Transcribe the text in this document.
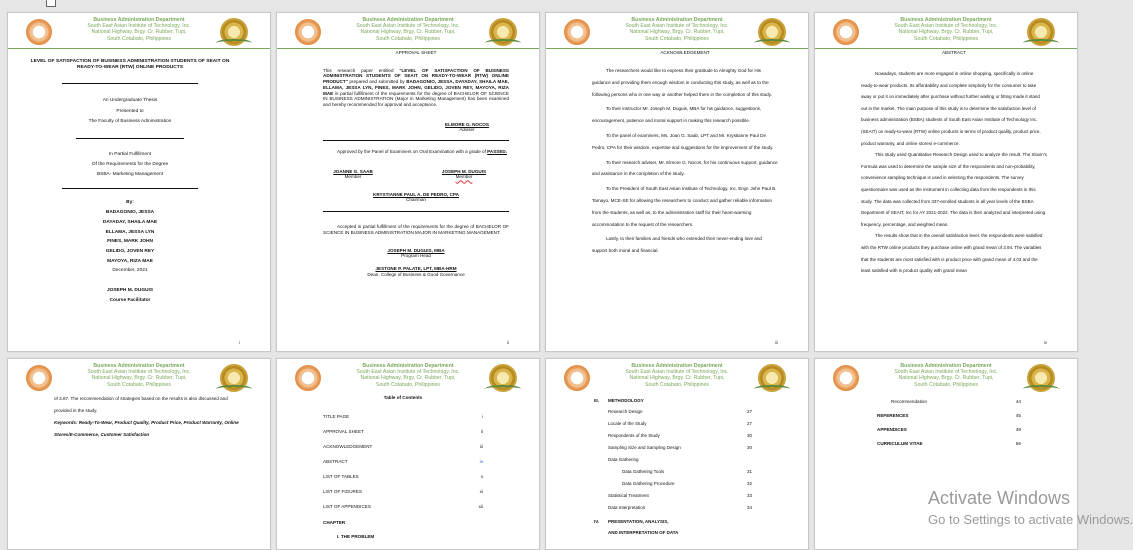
Business Administration Department
South East Asian Institute of Technology, Inc.
National Highway, Brgy. Cr. Rubber, Tupi,
South Cotabato, Philippines

LEVEL OF SATISFACTION OF BUSINESS ADMINISTRATION STUDENTS OF SEAIT ON READY-TO-WEAR (RTW) ONLINE PRODUCTS

An Undergraduate Thesis

Presented to

The Faculty of Business Administration

In Partial Fulfillment

Of the Requirements for the Degree

BSBA- Marketing Management

By:

BADAGONIO, JESSA
DAYADAY, SHAILA MAE
ELLAMA, JESSA LYN
FINES, MARK JOHN
GELIDO, JOVEN REY
MAYOYA, RIZA MAE

December, 2021

JOSEPH M. DUGUIS

Course Facilitator

i
Business Administration Department
South East Asian Institute of Technology, Inc.
National Highway, Brgy. Cr. Rubber, Tupi,
South Cotabato, Philippines

APPROVAL SHEET

This research paper entitled "LEVEL OF SATISFACTION OF BUSINESS ADMINISTRATION STUDENTS OF SEAIT ON READY-TO-WEAR (RTW) ONLINE PRODUCT" prepared and submitted by BADAGONIO, JESSA, DAYADAY, SHAILA MAE, ELLAMA, JESSA LYN, FINES, MARK JOHN, GELIDO, JOVEN REY, MAYOYA, RIZA MAE in partial fulfillment of the requirements for the degree of BACHELOR OF SCIENCE IN BUSINESS ADMINISTRATION (Major in Marketing Management) has been examined and hereby recommended for approval and acceptance.

ELMORE G. NOCOS
Adviser

Approved by the Panel of Examiners on Oral Examination with a grade of PASSED.

JOANNE G. SAAB
Member
JOSEPH M. DUGUIS
Member
KRYSTIANNE PAUL A. DE PEDRO, CPA
Chairman

Accepted in partial fulfillment of the requirements for the degree of BACHELOR OF SCIENCE IN BUSINESS ADMINISTRATION MAJOR IN MARKETING MANAGEMENT.

JOSEPH M. DUGUIS, MBA
Program Head
JESTONE P. PALATE, LPT, MBA-HRM
Dean, College of Business & Good Governance
ii
Business Administration Department
South East Asian Institute of Technology, Inc.
National Highway, Brgy. Cr. Rubber, Tupi,
South Cotabato, Philippines

ACKNOWLEDGEMENT

The researchers would like to express their gratitude to Almighty God for His guidance and providing them enough wisdom in conducting this study, as well as to the following persons who in one way or another helped them in the completion of this study.

To their instructor Mr. Joseph M. Duguis, MBA for his guidance, suggestions, encouragement, patience and moral support in making this research possible.

To the panel of examiners, Ms. Joan G. Saab, LPT and Mr. Krystianne Paul De Pedro, CPA for their wisdom, expertise and suggestions for the improvement of the study.

To their research adviser, Mr. Elmore G. Nocos, for his continuous support, guidance and assistance in the completion of the study.

To the President of South East Asian Institute of Technology, Inc. Engr. John Paul B. Tamayo, MCE-SE for allowing the researchers to conduct and gather reliable information from the students, as well as, to the administration staff for their heart-warming accommodation to the request of the researchers.

Lastly, to their families and friends who extended their never-ending love and support both moral and financial.

iii
Business Administration Department
South East Asian Institute of Technology, Inc.
National Highway, Brgy. Cr. Rubber, Tupi,
South Cotabato, Philippines

ABSTRACT

Nowadays, students are more engaged in online shopping, specifically in online ready-to-wear products. Its affordability and complete simplicity for the consumer to take away or put it on immediately after purchase without further waiting or fitting made it stand out in the market. The main purpose of this study is to determine the satisfaction level of business administration (BSBA) students of South East Asian Institute of Technology Inc. (SEAIT) on ready-to-wear (RTW) online products in terms of product quality, product price, product warranty, and online stores/ e-commerce.

This study used Quantitative Research Design used to analyze the result. The Slovin's Formula was used to determine the sample size of the respondents and non-probability, convenience sampling technique is used in selecting the respondents. The survey questionnaire was used as the instrument in collecting data from the respondents in this study. The data was collected from 337-enrolled students in all year levels of the BSBA Department of SEAIT, Inc for AY 2021-2022. The data is then analyzed and interpreted using frequency, percentage, and weighted mean.

The results show that in the overall satisfaction level, the respondents were satisfied with the RTW online products they purchase online with grand mean of 3.94. The variables that the students are most satisfied with is product price with grand mean of 4.03 and the least satisfied with is product quality with grand mean

iv
Business Administration Department
South East Asian Institute of Technology, Inc.
National Highway, Brgy. Cr. Rubber, Tupi,
South Cotabato, Philippines

of 3.87. The recommendation of strategies based on the results is also discussed and provided in the study.

Keywords: Ready-To-Wear, Product Quality, Product Price, Product Warranty, Online Stores/E-Commerce, Customer Satisfaction

Business Administration Department
South East Asian Institute of Technology, Inc.
National Highway, Brgy. Cr. Rubber, Tupi,
South Cotabato, Philippines

Table of Contents

TITLE PAGE	i
APPROVAL SHEET	ii
ACKNOWLEDGEMENT	iii
ABSTRACT	iv
LIST OF TABLES	x
LIST OF FIGURES	xi
LIST OF APPENDICES	xii

CHAPTER

I. THE PROBLEM

Business Administration Department
South East Asian Institute of Technology, Inc.
National Highway, Brgy. Cr. Rubber, Tupi,
South Cotabato, Philippines
III.	METHODOLOGY
Research Design	27
Locale of the Study	27
Respondents of the Study	30
Sampling Size and Sampling Design	30
Data Gathering
Data Gathering Tools	31
Data Gathering Procedure	32
Statistical Treatment	33
Data Interpretation	34
IV.	PRESENTATION, ANALYSIS,
AND INTERPRETATION OF DATA
Business Administration Department
South East Asian Institute of Technology, Inc.
National Highway, Brgy. Cr. Rubber, Tupi,
South Cotabato, Philippines
Recommendation	44
REFERENCES	45
APPENDICES	49
CURRICULUM VITAE	56
Activate Windows
Go to Settings to activate Windows.
